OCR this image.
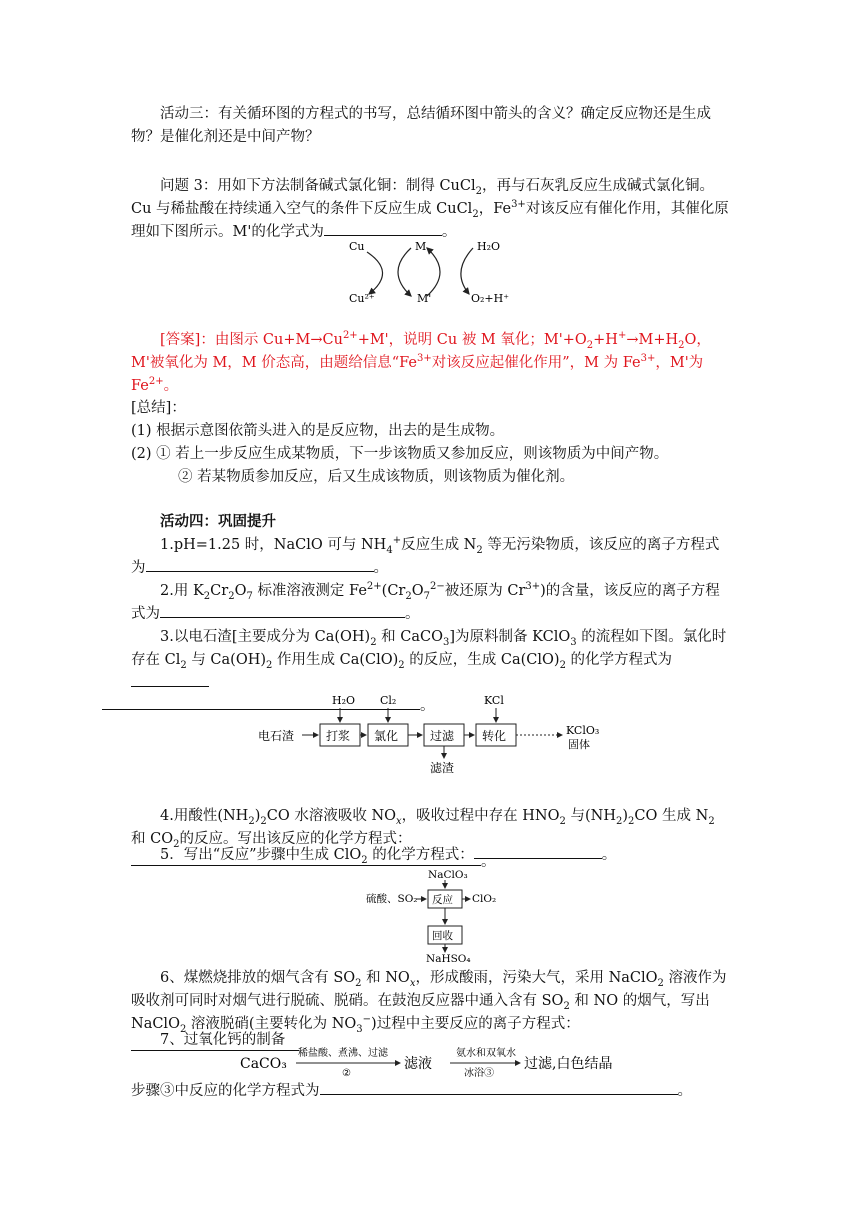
活动三：有关循环图的方程式的书写，总结循环图中箭头的含义？确定反应物还是生成物？是催化剂还是中间产物？
问题 3：用如下方法制备碱式氯化铜：制得 CuCl$_2$，再与石灰乳反应生成碱式氯化铜。Cu 与稀盐酸在持续通入空气的条件下反应生成 CuCl$_2$，$Fe^{3+}$对该反应有催化作用，其催化原理如下图所示。M'的化学式为	。
Cu	M	H₂O
Cu²⁺	M'	O₂+H⁺
[答案]：由图示 $Cu+M\to Cu^{2+}+M'$，说明 Cu 被 M 氧化；$M'+O_2+H^+\to M+H_2O$，M'被氧化为 M，M 价态高，由题给信息“$Fe^{3+}$对该反应起催化作用”，M 为 $Fe^{3+}$，M'为 $Fe^{2+}$。
[总结]：
(1) 根据示意图依箭头进入的是反应物，出去的是生成物。
(2) ① 若上一步反应生成某物质，下一步该物质又参加反应，则该物质为中间产物。
② 若某物质参加反应，后又生成该物质，则该物质为催化剂。
活动四：巩固提升
1.pH=1.25 时，NaClO 可与 $NH_4^+$反应生成 $N_2$ 等无污染物质，该反应的离子方程式为	。
2.用 $K_2Cr_2O_7$ 标准溶液测定 $Fe^{2+}(Cr_2O_7^{2-}$被还原为 $Cr^{3+}$)的含量，该反应的离子方程式为	。
3.以电石渣[主要成分为 $Ca(OH)_2$ 和 CaCO$_3$]为原料制备 KClO$_3$ 的流程如下图。氯化时存在 $Cl_2$ 与 $Ca(OH)_2$ 作用生成 $Ca(ClO)_2$ 的反应，生成 $Ca(ClO)_2$ 的化学方程式为
。
电石渣
H₂O Cl₂	KCl
打浆 氯化	过滤 转化	KClO₃
固体
滤渣
4.用酸性$(NH_2)_2CO$ 水溶液吸收 $NO_x$，吸收过程中存在 $HNO_2$ 与$(NH_2)_2CO$ 生成 $N_2$ 和 $CO_2$的反应。写出该反应的化学方程式：。
5．写出“反应”步骤中生成 ClO$_2$ 的化学方程式：	。
NaClO₃
硫酸、SO₂ 反应 ClO₂
回收
NaHSO₄
6、煤燃烧排放的烟气含有 $SO_2$ 和 $NO_x$，形成酸雨，污染大气，采用 NaClO$_2$ 溶液作为吸收剂可同时对烟气进行脱硫、脱硝。在鼓泡反应器中通入含有 $SO_2$ 和 NO 的烟气，写出 NaClO$_2$ 溶液脱硝(主要转化为 $NO_3^-$)过程中主要反应的离子方程式：
7、过氧化钙的制备
CaCO₃
稀盐酸、煮沸、过滤
②
滤液
氨水和双氧水
冰浴③
过滤,白色结晶
步骤③中反应的化学方程式为	。
